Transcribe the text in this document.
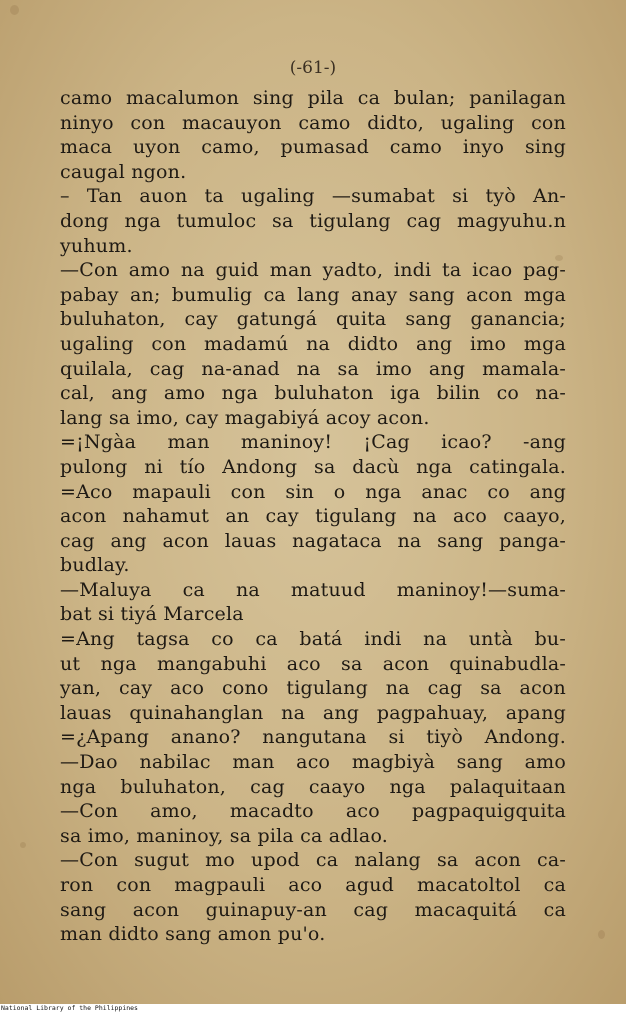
(-61-)
camo macalumon sing pila ca bulan; panilagan
ninyo con macauyon camo didto, ugaling con
maca uyon camo, pumasad camo inyo sing
caugal ngon.
– Tan auon ta ugaling —sumabat si tyò An-
dong nga tumuloc sa tigulang cag magyuhu.n
yuhum.
—Con amo na guid man yadto, indi ta icao pag-
pabay an; bumulig ca lang anay sang acon mga
buluhaton, cay gatungá quita sang ganancia;
ugaling con madamú na didto ang imo mga
quilala, cag na-anad na sa imo ang mamala-
cal, ang amo nga buluhaton iga bilin co na-
lang sa imo, cay magabiyá acoy acon.
=¡Ngàa man maninoy! ¡Cag icao? -ang
pulong ni tío Andong sa dacù nga catingala.
=Aco mapauli con sin o nga anac co ang
acon nahamut an cay tigulang na aco caayo,
cag ang acon lauas nagataca na sang panga-
budlay.
—Maluya ca na matuud maninoy!—suma-
bat si tiyá Marcela
=Ang tagsa co ca batá indi na untà bu-
ut nga mangabuhi aco sa acon quinabudla-
yan, cay aco cono tigulang na cag sa acon
lauas quinahanglan na ang pagpahuay, apang
=¿Apang anano? nangutana si tiyò Andong.
—Dao nabilac man aco magbiyà sang amo
nga buluhaton, cag caayo nga palaquitaan
—Con amo, macadto aco pagpaquigquita
sa imo, maninoy, sa pila ca adlao.
—Con sugut mo upod ca nalang sa acon ca-
ron con magpauli aco agud macatoltol ca
sang acon guinapuy-an cag macaquitá ca
man didto sang amon pu'o.
National Library of the Philippines
